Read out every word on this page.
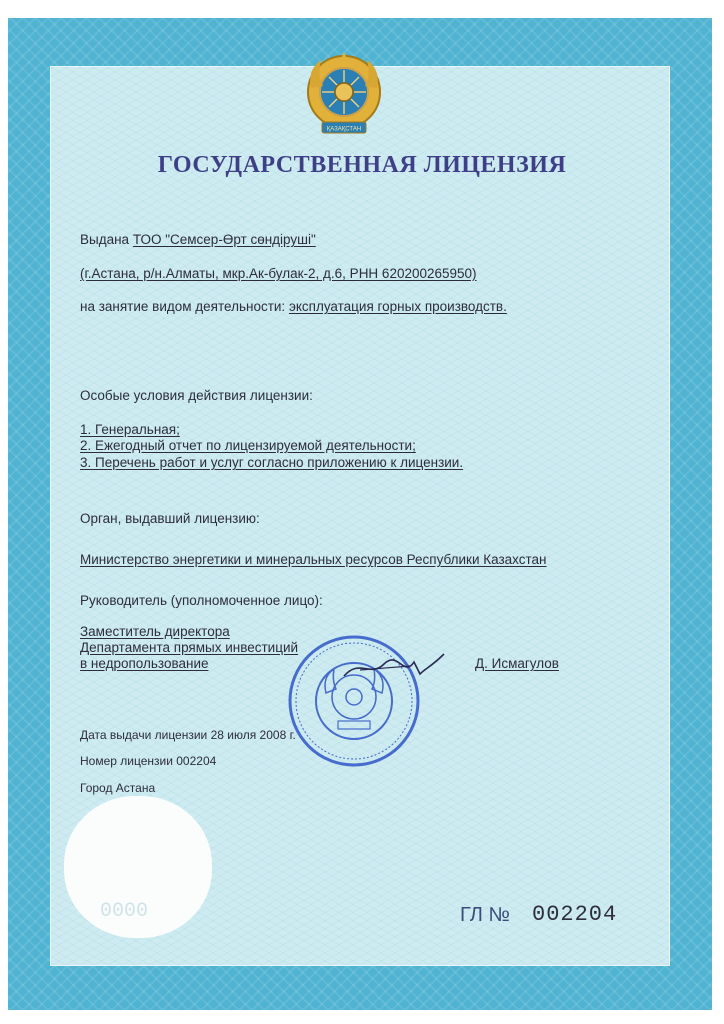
ҚАЗАҚСТАН
ГОСУДАРСТВЕННАЯ ЛИЦЕНЗИЯ
Выдана ТОО "Семсер-Өрт сөндіруші"
(г.Астана, р/н.Алматы, мкр.Ак-булак-2, д.6, РНН 620200265950)
на занятие видом деятельности: эксплуатация горных производств.
Особые условия действия лицензии:
1. Генеральная;
2. Ежегодный отчет по лицензируемой деятельности;
3. Перечень работ и услуг согласно приложению к лицензии.
Орган, выдавший лицензию:
Министерство энергетики и минеральных ресурсов Республики Казахстан
Руководитель (уполномоченное лицо):
Заместитель директора
Департамента прямых инвестиций
в недропользование	Д. Исмагулов
Дата выдачи лицензии 28 июля 2008 г.
Номер лицензии 002204
Город Астана
0000	ГЛ № 002204
